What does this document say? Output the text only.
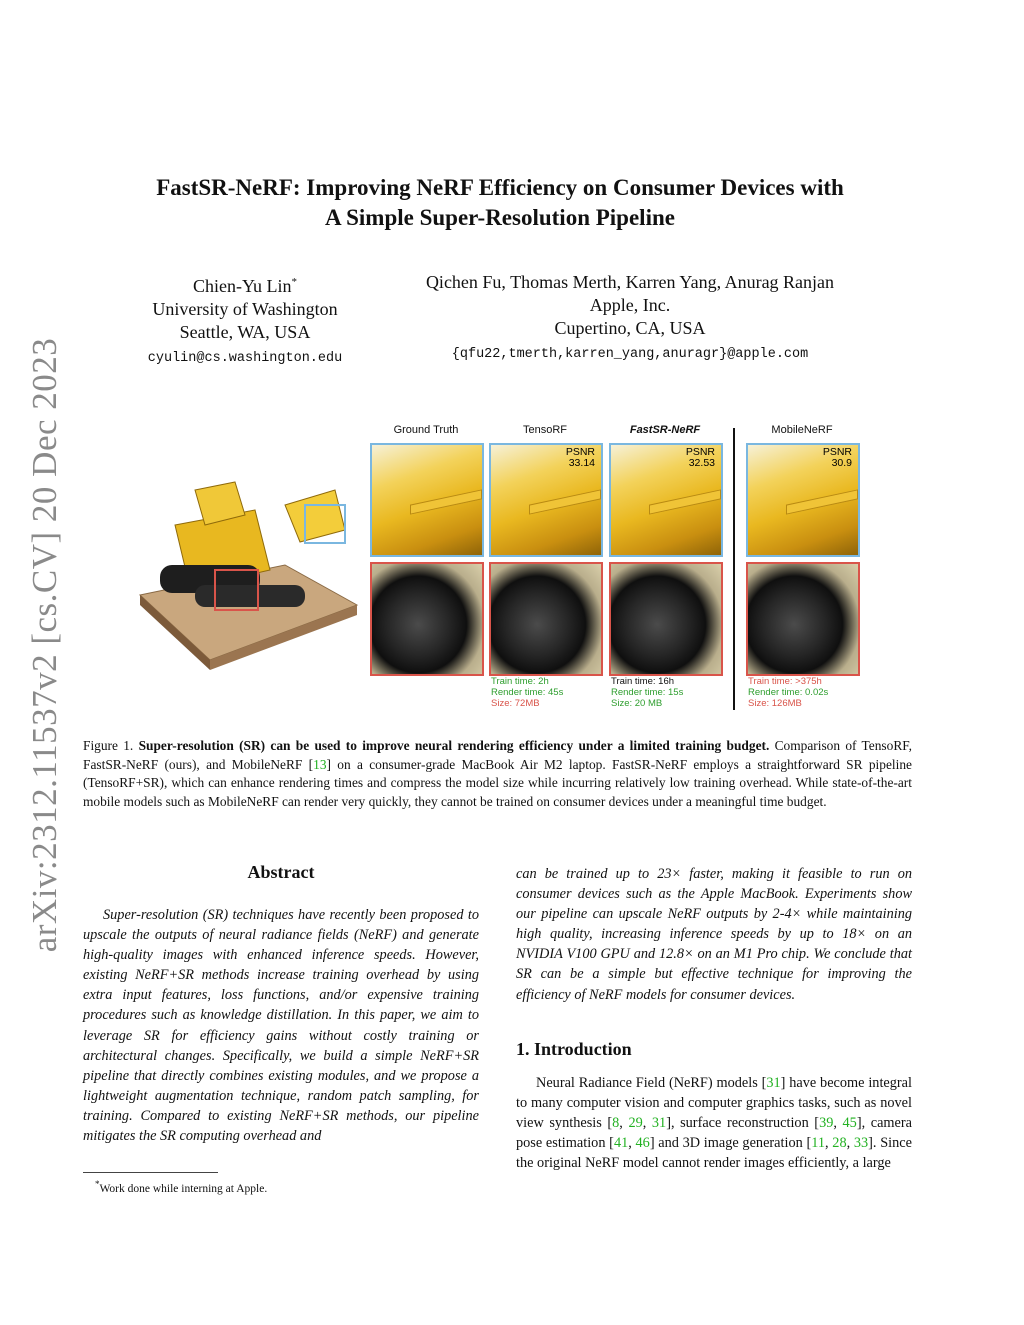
arXiv:2312.11537v2 [cs.CV] 20 Dec 2023
FastSR-NeRF: Improving NeRF Efficiency on Consumer Devices with
A Simple Super-Resolution Pipeline
Chien-Yu Lin*
University of Washington
Seattle, WA, USA
cyulin@cs.washington.edu
Qichen Fu, Thomas Merth, Karren Yang, Anurag Ranjan
Apple, Inc.
Cupertino, CA, USA
{qfu22,tmerth,karren_yang,anuragr}@apple.com
Ground Truth	TensoRF	FastSR-NeRF	MobileNeRF
PSNR
33.14
PSNR
32.53
PSNR
30.9
Train time: 2h
Render time: 45s
Size: 72MB
Train time: 16h
Render time: 15s
Size: 20 MB
Train time: >375h
Render time: 0.02s
Size: 126MB
Figure 1. Super-resolution (SR) can be used to improve neural rendering efficiency under a limited training budget. Comparison of TensoRF, FastSR-NeRF (ours), and MobileNeRF [13] on a consumer-grade MacBook Air M2 laptop. FastSR-NeRF employs a straightforward SR pipeline (TensoRF+SR), which can enhance rendering times and compress the model size while incurring relatively low training overhead. While state-of-the-art mobile models such as MobileNeRF can render very quickly, they cannot be trained on consumer devices under a meaningful time budget.
Abstract
Super-resolution (SR) techniques have recently been proposed to upscale the outputs of neural radiance fields (NeRF) and generate high-quality images with enhanced inference speeds. However, existing NeRF+SR methods increase training overhead by using extra input features, loss functions, and/or expensive training procedures such as knowledge distillation. In this paper, we aim to leverage SR for efficiency gains without costly training or architectural changes. Specifically, we build a simple NeRF+SR pipeline that directly combines existing modules, and we propose a lightweight augmentation technique, random patch sampling, for training. Compared to existing NeRF+SR methods, our pipeline mitigates the SR computing overhead and
can be trained up to 23× faster, making it feasible to run on consumer devices such as the Apple MacBook. Experiments show our pipeline can upscale NeRF outputs by 2-4× while maintaining high quality, increasing inference speeds by up to 18× on an NVIDIA V100 GPU and 12.8× on an M1 Pro chip. We conclude that SR can be a simple but effective technique for improving the efficiency of NeRF models for consumer devices.
1. Introduction
Neural Radiance Field (NeRF) models [31] have become integral to many computer vision and computer graphics tasks, such as novel view synthesis [8, 29, 31], surface reconstruction [39, 45], camera pose estimation [41, 46] and 3D image generation [11, 28, 33]. Since the original NeRF model cannot render images efficiently, a large
*Work done while interning at Apple.
